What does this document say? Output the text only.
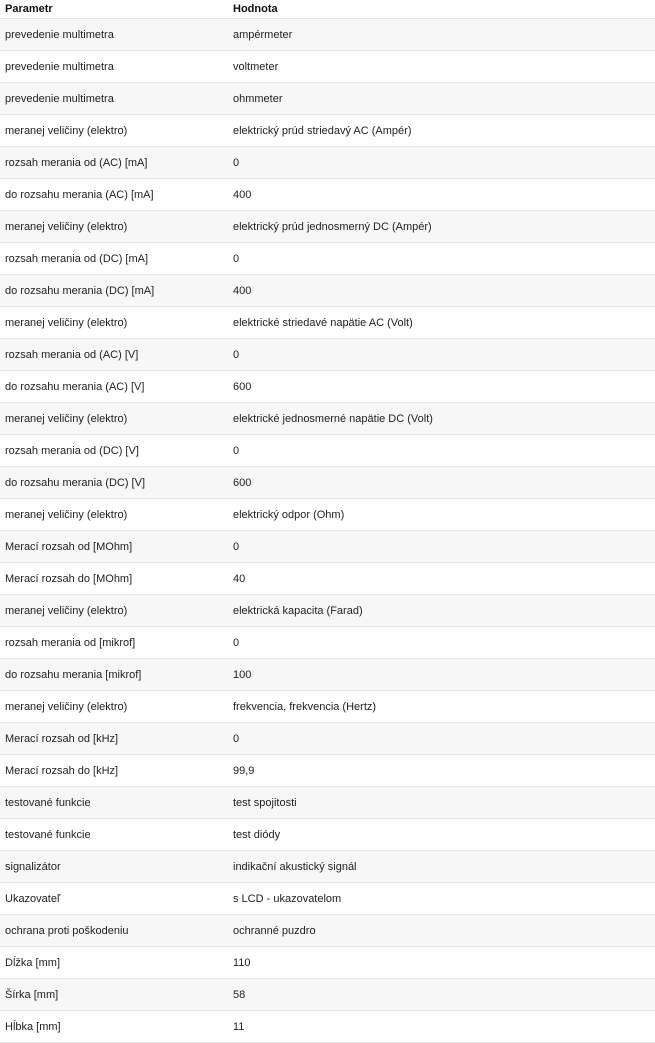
Parametr	Hodnota
prevedenie multimetra	ampérmeter
prevedenie multimetra	voltmeter
prevedenie multimetra	ohmmeter
meranej veličiny (elektro)	elektrický prúd striedavý AC (Ampér)
rozsah merania od (AC) [mA]	0
do rozsahu merania (AC) [mA]	400
meranej veličiny (elektro)	elektrický prúd jednosmerný DC (Ampér)
rozsah merania od (DC) [mA]	0
do rozsahu merania (DC) [mA]	400
meranej veličiny (elektro)	elektrické striedavé napätie AC (Volt)
rozsah merania od (AC) [V]	0
do rozsahu merania (AC) [V]	600
meranej veličiny (elektro)	elektrické jednosmerné napätie DC (Volt)
rozsah merania od (DC) [V]	0
do rozsahu merania (DC) [V]	600
meranej veličiny (elektro)	elektrický odpor (Ohm)
Merací rozsah od [MOhm]	0
Merací rozsah do [MOhm]	40
meranej veličiny (elektro)	elektrická kapacita (Farad)
rozsah merania od [mikrof]	0
do rozsahu merania [mikrof]	100
meranej veličiny (elektro)	frekvencia, frekvencia (Hertz)
Merací rozsah od [kHz]	0
Merací rozsah do [kHz]	99,9
testované funkcie	test spojitosti
testované funkcie	test diódy
signalizátor	indikační akustický signál
Ukazovateľ	s LCD - ukazovatelom
ochrana proti poškodeniu	ochranné puzdro
Dĺžka [mm]	110
Šírka [mm]	58
Hĺbka [mm]	11
